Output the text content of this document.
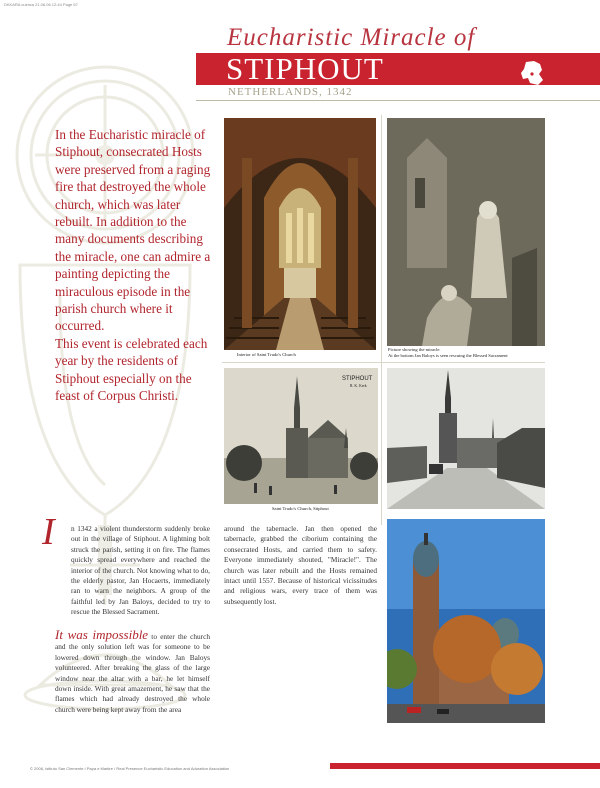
DKKARA cuimca 21.06.06 12:44 Page 67
Eucharistic Miracle of
STIPHOUT
NETHERLANDS, 1342

In the Eucharistic miracle of Stiphout, consecrated Hosts were preserved from a raging fire that destroyed the whole church, which was later rebuilt. In addition to the many documents describing the miracle, one can admire a painting depicting the miraculous episode in the parish church where it occurred.

This event is celebrated each year by the residents of Stiphout especially on the feast of Corpus Christi.

Interior of Saint Trudo's Church
Picture showing the miracle.
At the bottom Jan Baloys is seen rescuing the Blessed Sacrament
STIPHOUT
R. K. Kerk
Saint Trudo's Church, Stiphout
I n 1342 a violent thunderstorm suddenly broke out in the village of Stiphout. A lightning bolt struck the parish, setting it on fire. The flames quickly spread everywhere and reached the interior of the church. Not knowing what to do, the elderly pastor, Jan Hocaerts, immediately ran to warn the neighbors. A group of the faithful led by Jan Baloys, decided to try to rescue the Blessed Sacrament.

It was impossible to enter the church and the only solution left was for someone to be lowered down through the window. Jan Baloys volunteered. After breaking the glass of the large window near the altar with a bar, he let himself down inside. With great amazement, he saw that the flames which had already destroyed the whole church were being kept away from the area

around the tabernacle. Jan then opened the tabernacle, grabbed the ciborium containing the consecrated Hosts, and carried them to safety. Everyone immediately shouted, "Miracle!". The church was later rebuilt and the Hosts remained intact until 1557. Because of historical vicissitudes and religious wars, every trace of them was subsequently lost.

© 2006, Istituto San Clemente I Papa e Martire / Real Presence Eucharistic Education and Adoration Association
